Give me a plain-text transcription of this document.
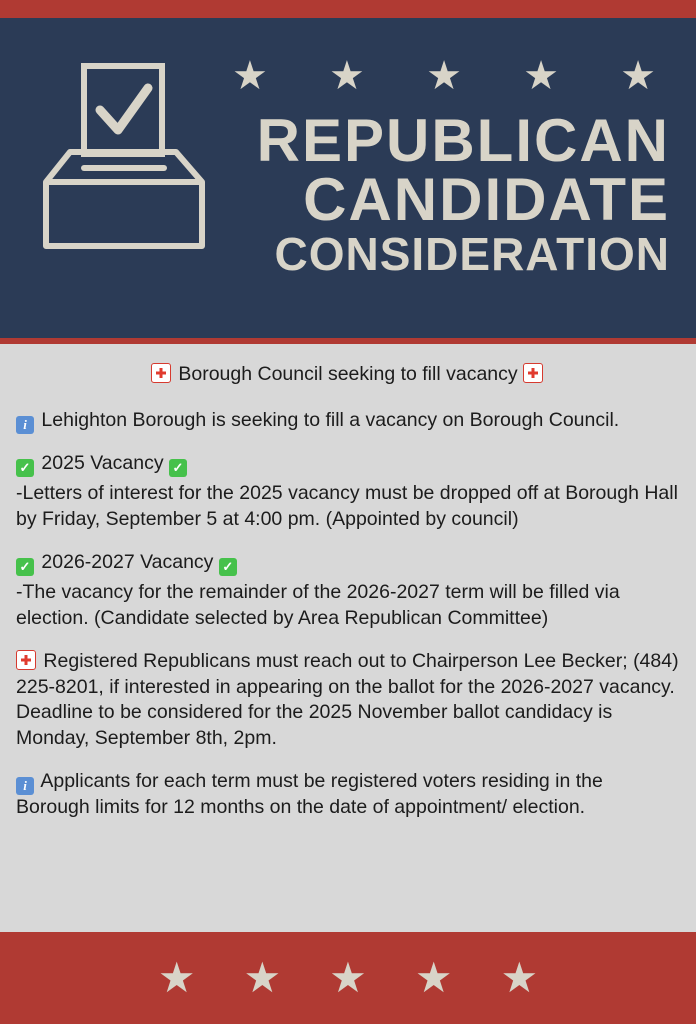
★ ★ ★ ★ ★
REPUBLICAN
CANDIDATE
CONSIDERATION
Borough Council seeking to fill vacancy

i Lehighton Borough is seeking to fill a vacancy on Borough Council.

✓ 2025 Vacancy ✓

-Letters of interest for the 2025 vacancy must be dropped off at Borough Hall by Friday, September 5 at 4:00 pm. (Appointed by council)

✓ 2026-2027 Vacancy ✓

-The vacancy for the remainder of the 2026-2027 term will be filled via election. (Candidate selected by Area Republican Committee)

Registered Republicans must reach out to Chairperson Lee Becker; (484) 225-8201, if interested in appearing on the ballot for the 2026-2027 vacancy. Deadline to be considered for the 2025 November ballot candidacy is Monday, September 8th, 2pm.

i Applicants for each term must be registered voters residing in the Borough limits for 12 months on the date of appointment/ election.

★ ★ ★ ★ ★
